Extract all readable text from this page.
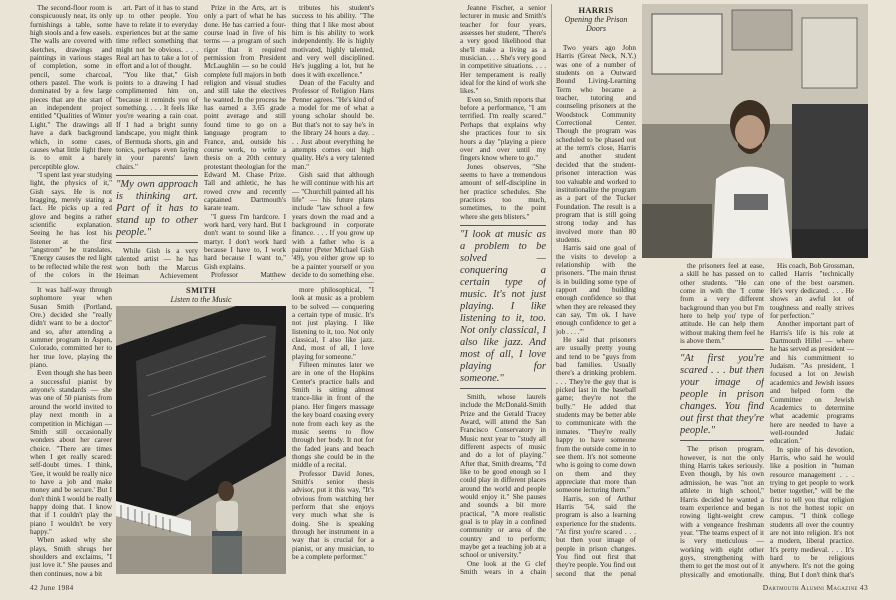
The second-floor room is conspicuously neat, its only furnishings a table, some high stools and a few easels. The walls are covered with sketches, drawings and paintings in various stages of completion, some in pencil, some charcoal, others pastel. The work is dominated by a few large pieces that are the start of an independent project entitled "Qualities of Winter Light." The drawings all have a dark background which, in some cases, causes what little light there is to emit a barely perceptible glow.

"I spent last year studying light, the physics of it," Gish says. He is not bragging, merely stating a fact. He picks up a red glove and begins a rather scientific explanation. Seeing he has lost his listener at the first "angstrom" he translates, "Energy causes the red light to be reflected while the rest of the colors in the

art. Part of it has to stand up to other people. You have to relate it to everyday experiences but at the same time reflect something that might not be obvious. . . . Real art has to take a lot of effort and a lot of thought.

"You like that," Gish points to a drawing I had complimented him on, "because it reminds you of something. . . . It feels like you're wearing a rain coat. If I had a bright sunny landscape, you might think of Bermuda shorts, gin and tonics, perhaps even laying in your parents' lawn chairs."

"My own approach is thinking art. Part of it has to stand up to other people."

While Gish is a very talented artist — he has won both the Marcus Heiman Achievement

Prize in the Arts, art is only a part of what he has done. He has carried a four-course load in five of his terms — a program of such rigor that it required permission from President McLaughlin — so he could complete full majors in both religion and visual studies and still take the electives he wanted. In the process he has earned a 3.65 grade point average and still found time to go on a language program to France, and, outside his course work, to write a thesis on a 20th century protestant theologian for the Edward M. Chase Prize. Tall and athletic, he has rowed crew and recently captained Dartmouth's karate team.

"I guess I'm hardcore. I work hard, very hard. But I don't want to sound like a martyr. I don't work hard because I have to, I work hard because I want to," Gish explains.

Professor Matthew

tributes his student's success to his ability. "The thing that I like most about him is his ability to work independently. He is highly motivated, highly talented, and very well disciplined. He's juggling a lot, but he does it with excellence."

Dean of the Faculty and Professor of Religion Hans Penner agrees. "He's kind of a model for me of what a young scholar should be. But that's not to say he's in the library 24 hours a day. . . . Just about everything he attempts comes out high quality. He's a very talented man."

Gish said that although he will continue with his art — "Churchill painted all his life" — his future plans include "law school a few years down the road and a background in corporate finance. . . . If you grow up with a father who is a painter (Peter Michael Gish '49), you either grow up to be a painter yourself or you decide to do something else.

It was half-way through sophomore year when Susan Smith (Portland, Ore.) decided she "really didn't want to be a doctor" and so, after attending a summer program in Aspen, Colorado, committed her to her true love, playing the piano.

Even though she has been a successful pianist by anyone's standards — she was one of 50 pianists from around the world invited to play next month in a competition in Michigan — Smith still occasionally wonders about her career choice. "There are times when I get really scared: self-doubt times. I think, 'Gee, it would be really nice to have a job and make money and be secure.' But I don't think I would be really happy doing that. I know that if I couldn't play the piano I wouldn't be very happy."

When asked why she plays, Smith shrugs her shoulders and exclaims, "I just love it." She pauses and then continues, now a bit

SMITH
Listen to the Music

more philosophical, "I look at music as a problem to be solved — conquering a certain type of music. It's not just playing. I like listening to it, too. Not only classical, I also like jazz. And, most of all, I love playing for someone."

Fifteen minutes later we are in one of the Hopkins Center's practice halls and Smith is sitting almost trance-like in front of the piano. Her fingers massage the key board coaxing every note from each key as the music seems to flow through her body. It not for the faded jeans and beach thongs she could be in the middle of a recital.

Professor David Jones, Smith's senior thesis advisor, put it this way, "It's obvious from watching her perform that she enjoys very much what she is doing. She is speaking through her instrument in a way that is crucial for a pianist, or any musician, to be a complete performer."

Jeanne Fischer, a senior lecturer in music and Smith's teacher for four years, assesses her student, "There's a very good likelihood that she'll make a living as a musician. . . . She's very good in competitive situations. . . . Her temperament is really ideal for the kind of work she likes."

Even so, Smith reports that before a performance, "I am terrified. I'm really scared." Perhaps that explains why she practices four to six hours a day "playing a piece over and over until my fingers know where to go."

Jones observes, "She seems to have a tremendous amount of self-discipline in her practice schedules. She practices too much, sometimes, to the point where she gets blisters."

"I look at music as a problem to be solved — conquering a certain type of music. It's not just playing. I like listening to it, too. Not only classical, I also like jazz. And most of all, I love playing for someone."

Smith, whose laurels include the McDonald-Smith Prize and the Gerald Tracey Award, will attend the San Francisco Conservatory in Music next year to "study all different aspects of music and do a lot of playing." After that, Smith dreams, "I'd like to be good enough so I could play in different places around the world and people would enjoy it." She pauses and sounds a bit more practical, "A more realistic goal is to play in a confined community or area of the country and to perform; maybe get a teaching job at a school or university."

One look at the G clef Smith wears in a chain

HARRIS
Opening the Prison Doors

Two years ago John Harris (Great Neck, N.Y.) was one of a number of students on a Outward Bound Living-Learning Term who became a teacher, tutoring and counseling prisoners at the Woodstock Community Correctional Center. Though the program was scheduled to be phased out at the term's close, Harris and another student decided that the student-prisoner interaction was too valuable and worked to institutionalize the program as a part of the Tucker Foundation. The result is a program that is still going strong today and has involved more than 80 students.

Harris said one goal of the visits to develop a relationship with the prisoners. "The main thrust is in building some type of rapport and building enough confidence so that when they are released they can say, 'I'm ok. I have enough confidence to get a job . . . .'"

He said that prisoners are usually pretty young and tend to be "guys from bad families. Usually there's a drinking problem. . . . They're the guy that is picked last in the baseball game; they're not the bully." He added that students may be better able to communicate with the inmates. "They're really happy to have someone from the outside come in to see them. It's not someone who is going to come down on them and they appreciate that more than someone lecturing them."

Harris, son of Arthur Harris '54, said the program is also a learning experience for the students. "At first you're scared . . . but then your image of people in prison changes. You find out first that they're people. You find out second that the penal

the prisoners feel at ease, a skill he has passed on to other students. "He can come in with the 'I come from a very different background than you but I'm here to help you' type of attitude. He can help them without making them feel he is above them."

"At first you're scared . . . but then your image of people in prison changes. You find out first that they're people."

The prison program, however, is not the only thing Harris takes seriously. Even though, by his own admission, he was "not an athlete in high school," Harris decided he wanted a team experience and began rowing light-weight crew with a vengeance freshman year. "The teams expect of it is very meticulous — working with eight other guys, strengthening with them to get the most out of it physically and emotionally.

His coach, Bob Grossman, called Harris "technically one of the best oarsmen. He's very dedicated. . . . He shows an awful lot of toughness and really strives for perfection."

Another important part of Harris's life is his role at Dartmouth Hillel — where he has served as president — and his commitment to Judaism. "As president, I focused a lot on Jewish academics and Jewish issues and helped form the Committee on Jewish Academics to determine what academic programs here are needed to have a well-rounded Judaic education."

In spite of his devotion, Harris, who said he would like a position in "human resource management . . . trying to get people to work better together," will be the first to tell you that religion is not the hottest topic on campus. "I think college students all over the country are not into religion. It's not a modern, liberal practice. It's pretty medieval. . . . It's hard to be religious anywhere. It's not the going thing. But I don't think that's

42 June 1984	Dartmouth Alumni Magazine 43
